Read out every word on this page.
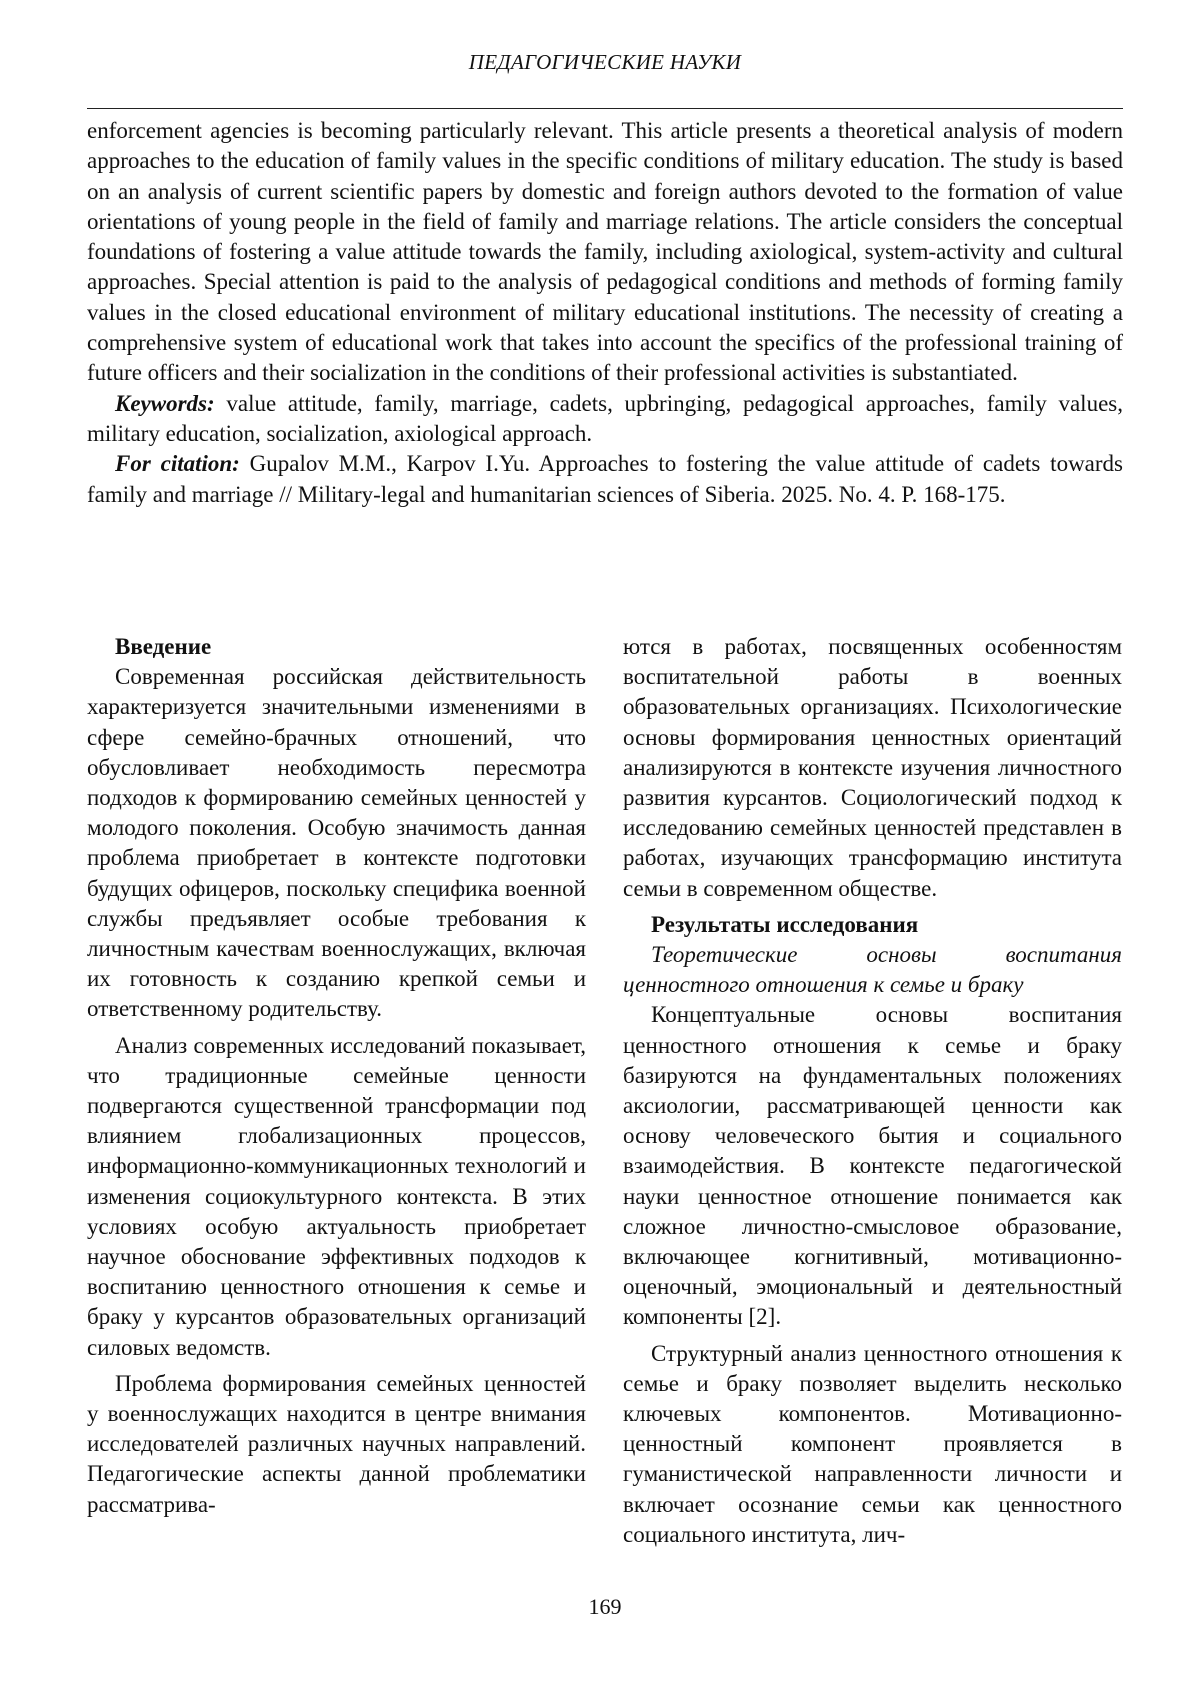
ПЕДАГОГИЧЕСКИЕ НАУКИ

enforcement agencies is becoming particularly relevant. This article presents a theoretical analysis of modern approaches to the education of family values in the specific conditions of military education. The study is based on an analysis of current scientific papers by domestic and foreign authors devoted to the formation of value orientations of young people in the field of family and marriage relations. The article considers the conceptual foundations of fostering a value attitude towards the family, including axiological, system-activity and cultural approaches. Special attention is paid to the analysis of pedagogical conditions and methods of forming family values in the closed educational environment of military educational institutions. The necessity of creating a comprehensive system of educational work that takes into account the specifics of the professional training of future officers and their socialization in the conditions of their professional activities is substantiated.

Keywords: value attitude, family, marriage, cadets, upbringing, pedagogical approaches, family values, military education, socialization, axiological approach.

For citation: Gupalov M.M., Karpov I.Yu. Approaches to fostering the value attitude of cadets towards family and marriage // Military-legal and humanitarian sciences of Siberia. 2025. No. 4. P. 168-175.

Введение

Современная российская действительность характеризуется значительными изменениями в сфере семейно-брачных отношений, что обусловливает необходимость пересмотра подходов к формированию семейных ценностей у молодого поколения. Особую значимость данная проблема приобретает в контексте подготовки будущих офицеров, поскольку специфика военной службы предъявляет особые требования к личностным качествам военнослужащих, включая их готовность к созданию крепкой семьи и ответственному родительству.

Анализ современных исследований показывает, что традиционные семейные ценности подвергаются существенной трансформации под влиянием глобализационных процессов, информационно-коммуникационных технологий и изменения социокультурного контекста. В этих условиях особую актуальность приобретает научное обоснование эффективных подходов к воспитанию ценностного отношения к семье и браку у курсантов образовательных организаций силовых ведомств.

Проблема формирования семейных ценностей у военнослужащих находится в центре внимания исследователей различных научных направлений. Педагогические аспекты данной проблематики рассматрива-

ются в работах, посвященных особенностям воспитательной работы в военных образовательных организациях. Психологические основы формирования ценностных ориентаций анализируются в контексте изучения личностного развития курсантов. Социологический подход к исследованию семейных ценностей представлен в работах, изучающих трансформацию института семьи в современном обществе.

Результаты исследования

Теоретические основы воспитания ценностного отношения к семье и браку

Концептуальные основы воспитания ценностного отношения к семье и браку базируются на фундаментальных положениях аксиологии, рассматривающей ценности как основу человеческого бытия и социального взаимодействия. В контексте педагогической науки ценностное отношение понимается как сложное личностно-смысловое образование, включающее когнитивный, мотивационно-оценочный, эмоциональный и деятельностный компоненты [2].

Структурный анализ ценностного отношения к семье и браку позволяет выделить несколько ключевых компонентов. Мотивационно-ценностный компонент проявляется в гуманистической направленности личности и включает осознание семьи как ценностного социального института, лич-

169
